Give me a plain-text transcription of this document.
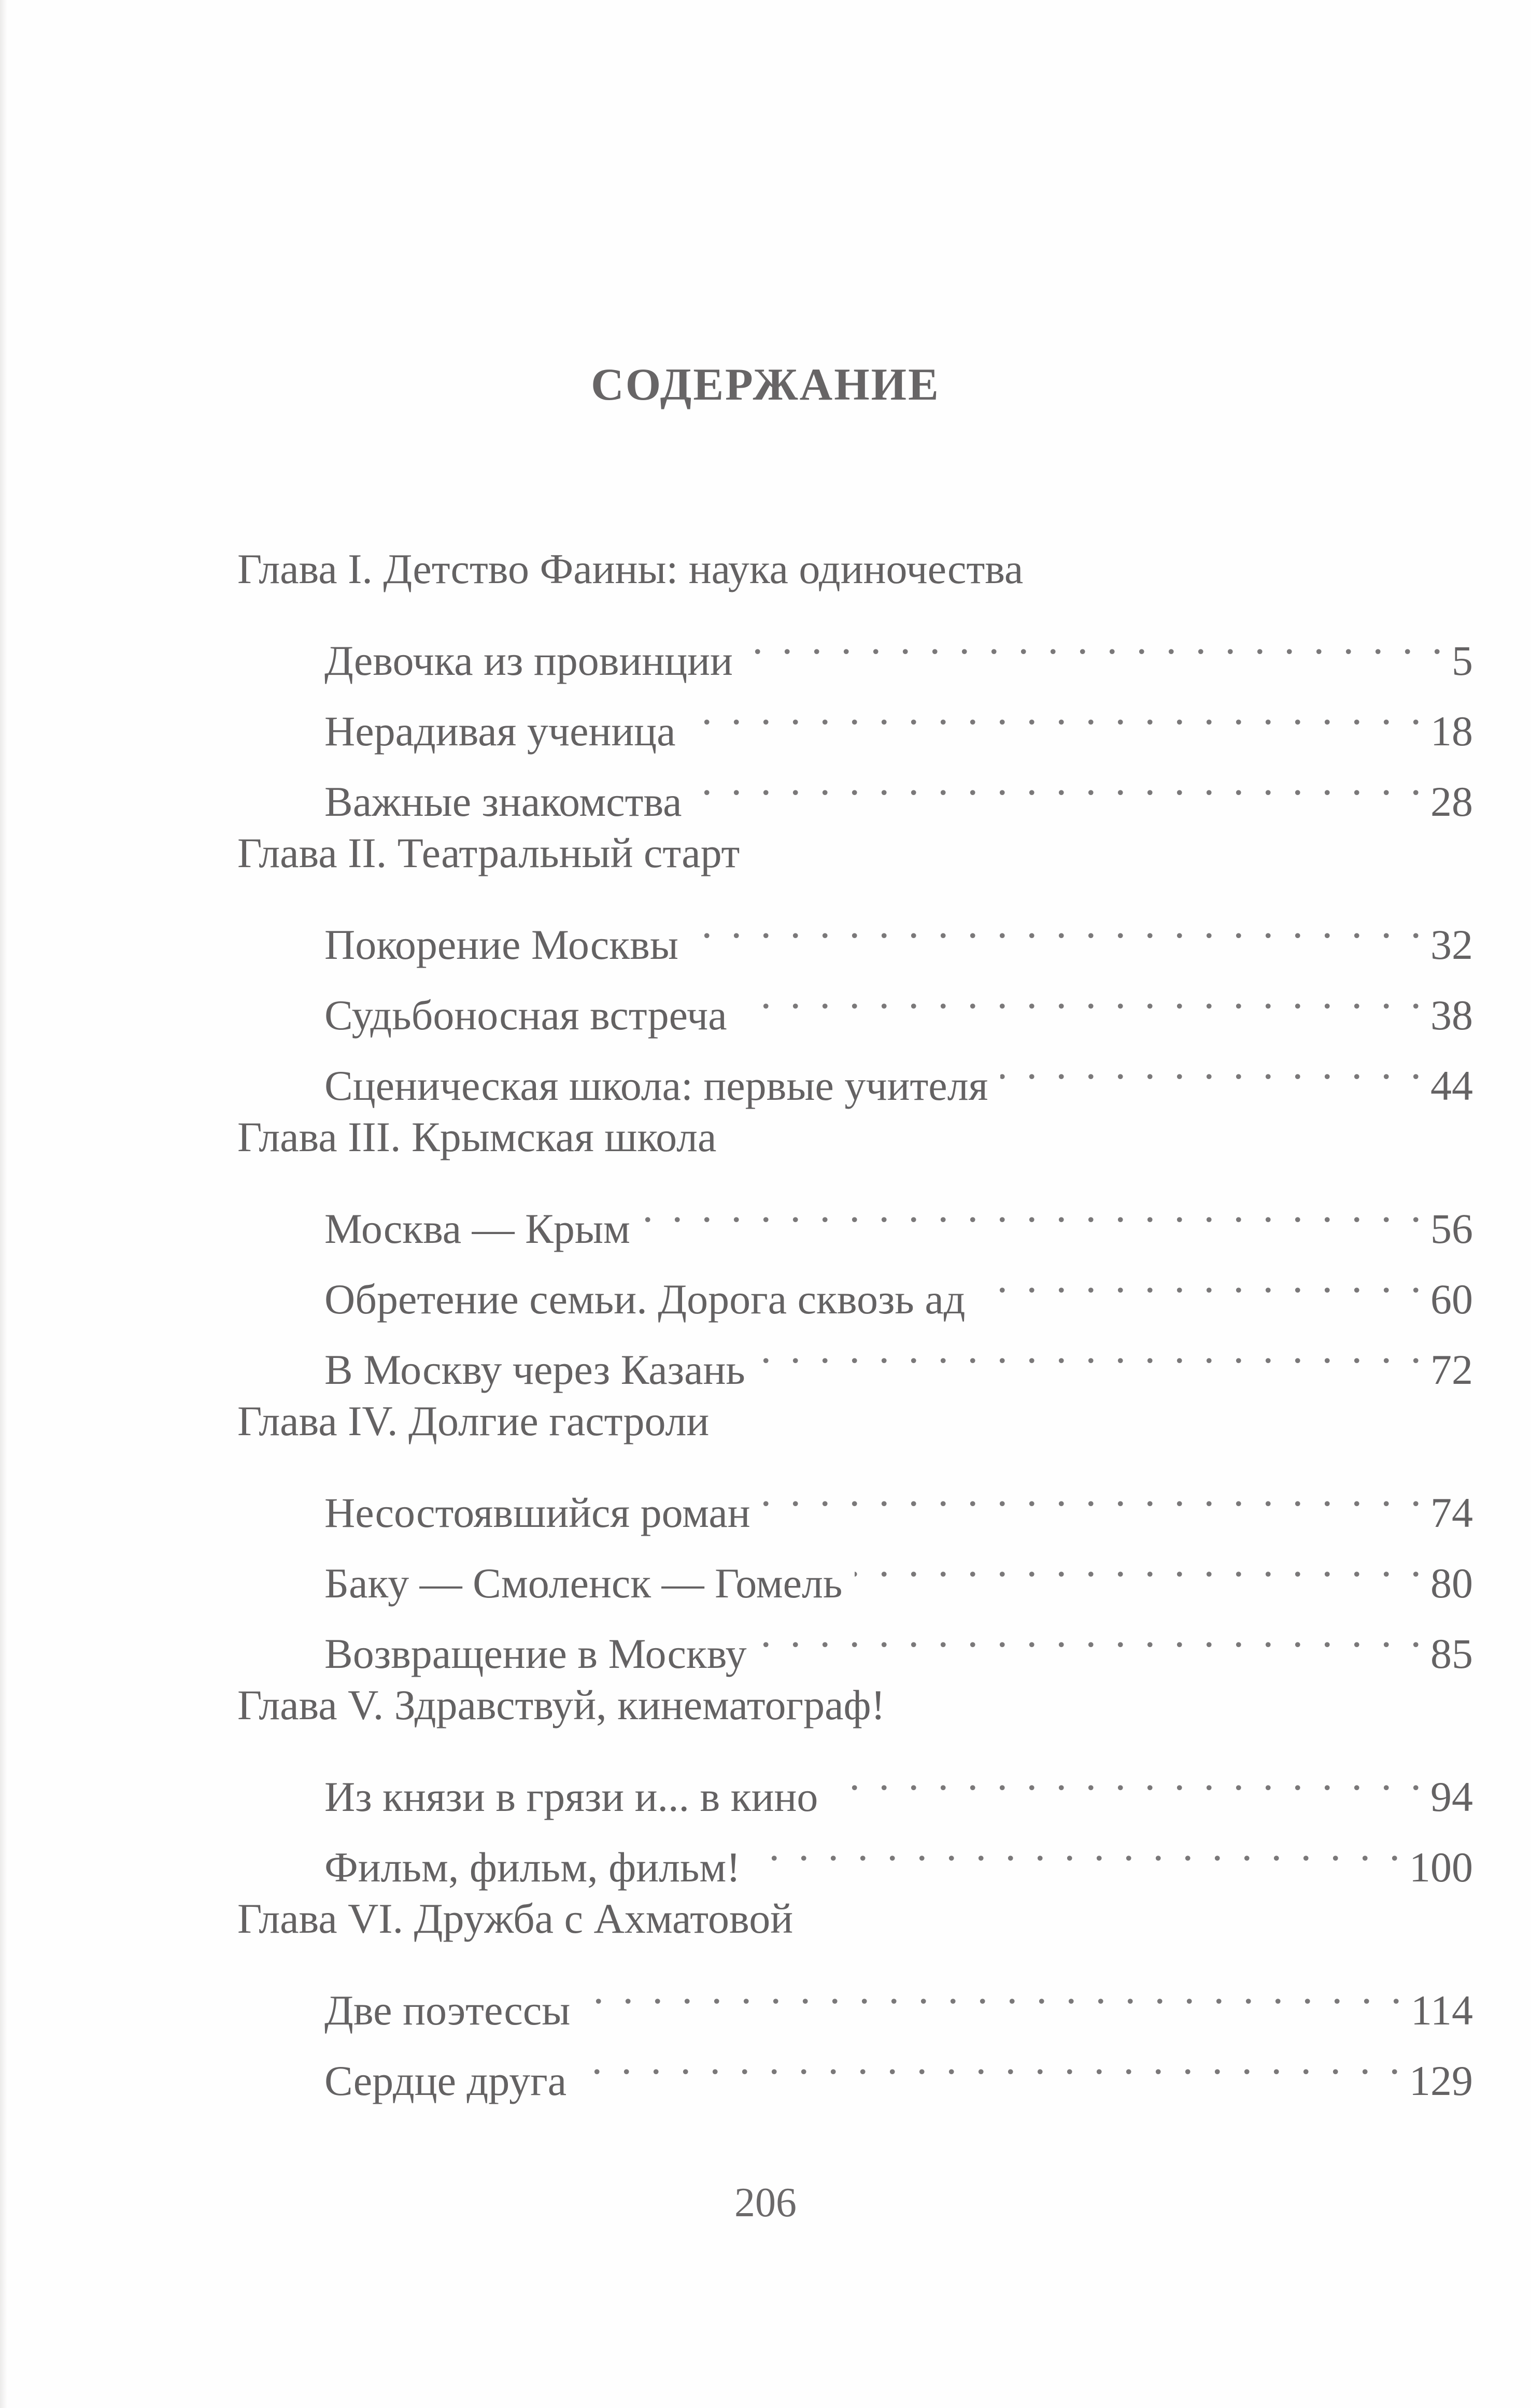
СОДЕРЖАНИЕ
Глава I. Детство Фаины: наука одиночества
Девочка из провинции . . .	5
Нерадивая ученица . . .	18
Важные знакомства . . .	28
Глава II. Театральный старт
Покорение Москвы . . .	32
Судьбоносная встреча . . .	38
Сценическая школа: первые учителя . . .	44
Глава III. Крымская школа
Москва — Крым . . .	56
Обретение семьи. Дорога сквозь ад . . .	60
В Москву через Казань . . .	72
Глава IV. Долгие гастроли
Несостоявшийся роман . . .	74
Баку — Смоленск — Гомель . . .	80
Возвращение в Москву . . .	85
Глава V. Здравствуй, кинематограф!
Из князи в грязи и... в кино . . .	94
Фильм, фильм, фильм! . . .	100
Глава VI. Дружба с Ахматовой
Две поэтессы . . .	114
Сердце друга . . .	129
206
